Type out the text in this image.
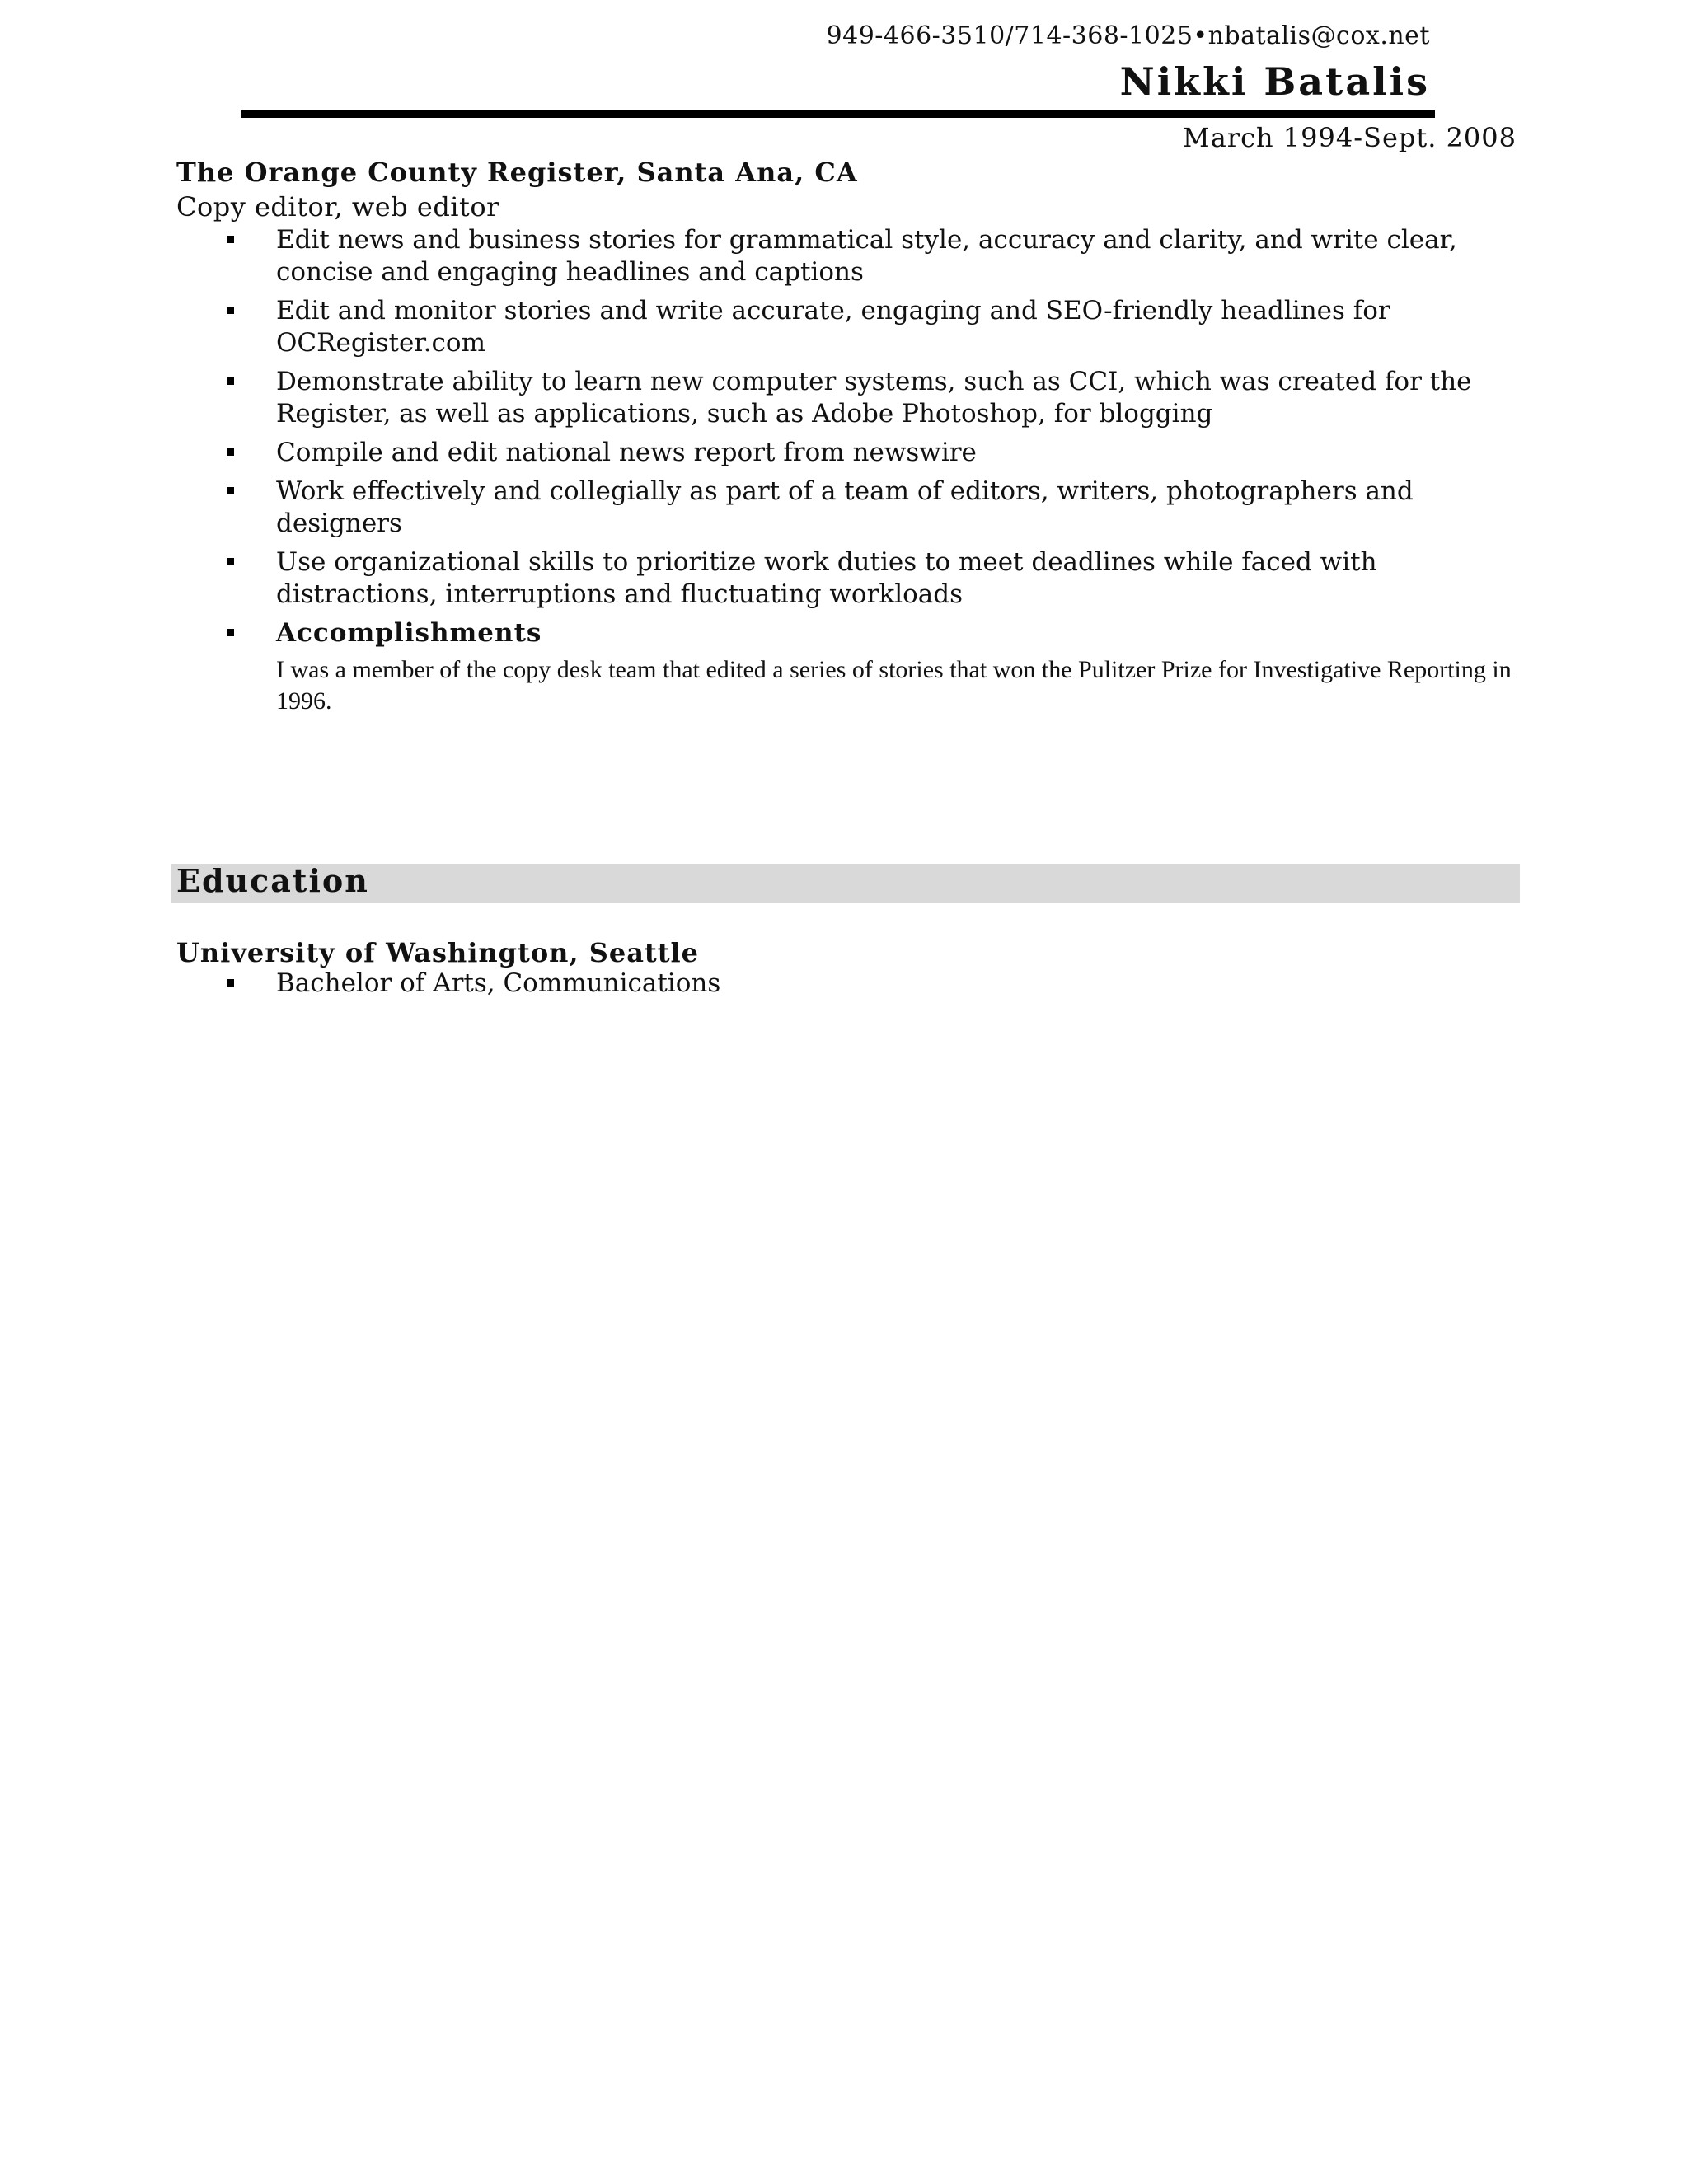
949-466-3510/714-368-1025•nbatalis@cox.net
Nikki Batalis
March 1994-Sept. 2008
The Orange County Register, Santa Ana, CA
Copy editor, web editor
Edit news and business stories for grammatical style, accuracy and clarity, and write clear, concise and engaging headlines and captions
Edit and monitor stories and write accurate, engaging and SEO-friendly headlines for OCRegister.com
Demonstrate ability to learn new computer systems, such as CCI, which was created for the Register, as well as applications, such as Adobe Photoshop, for blogging
Compile and edit national news report from newswire
Work effectively and collegially as part of a team of editors, writers, photographers and designers
Use organizational skills to prioritize work duties to meet deadlines while faced with distractions, interruptions and fluctuating workloads
Accomplishments
I was a member of the copy desk team that edited a series of stories that won the Pulitzer Prize for Investigative Reporting in 1996.
Education
University of Washington, Seattle
Bachelor of Arts, Communications
